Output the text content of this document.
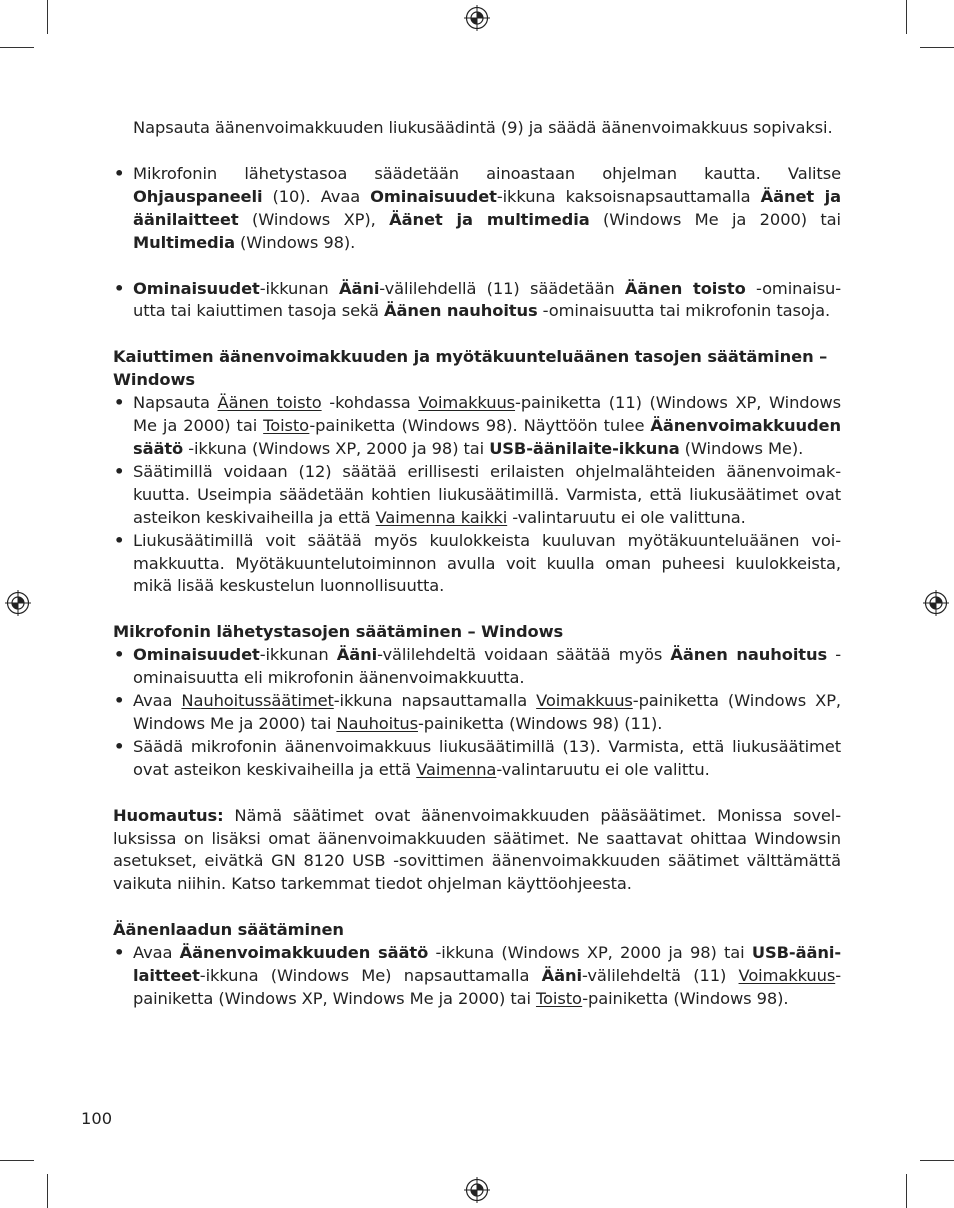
Napsauta äänenvoimakkuuden liukusäädintä (9) ja säädä äänenvoimakkuus sopivaksi.

• Mikrofonin lähetystasoa säädetään ainoastaan ohjelman kautta. Valitse Ohjauspaneeli (10). Avaa Ominaisuudet-ikkuna kaksoisnapsauttamalla Äänet ja äänilaitteet (Windows XP), Äänet ja multimedia (Windows Me ja 2000) tai Multimedia (Windows 98).
• Ominaisuudet-ikkunan Ääni-välilehdellä (11) säädetään Äänen toisto -ominaisu-utta tai kaiuttimen tasoja sekä Äänen nauhoitus -ominaisuutta tai mikrofonin tasoja.

Kaiuttimen äänenvoimakkuuden ja myötäkuunteluäänen tasojen säätäminen – Windows

• Napsauta Äänen toisto -kohdassa Voimakkuus-painiketta (11) (Windows XP, Windows Me ja 2000) tai Toisto-painiketta (Windows 98). Näyttöön tulee Äänenvoimakkuuden säätö -ikkuna (Windows XP, 2000 ja 98) tai USB-äänilaite-ikkuna (Windows Me).
• Säätimillä voidaan (12) säätää erillisesti erilaisten ohjelmalähteiden äänenvoimak-kuutta. Useimpia säädetään kohtien liukusäätimillä. Varmista, että liukusäätimet ovat asteikon keskivaiheilla ja että Vaimenna kaikki -valintaruutu ei ole valittuna.
• Liukusäätimillä voit säätää myös kuulokkeista kuuluvan myötäkuunteluäänen voi-makkuutta. Myötäkuuntelutoiminnon avulla voit kuulla oman puheesi kuulokkeista, mikä lisää keskustelun luonnollisuutta.

Mikrofonin lähetystasojen säätäminen – Windows

• Ominaisuudet-ikkunan Ääni-välilehdeltä voidaan säätää myös Äänen nauhoitus -ominaisuutta eli mikrofonin äänenvoimakkuutta.
• Avaa Nauhoitussäätimet-ikkuna napsauttamalla Voimakkuus-painiketta (Windows XP, Windows Me ja 2000) tai Nauhoitus-painiketta (Windows 98) (11).
• Säädä mikrofonin äänenvoimakkuus liukusäätimillä (13). Varmista, että liukusäätimet ovat asteikon keskivaiheilla ja että Vaimenna-valintaruutu ei ole valittu.

Huomautus: Nämä säätimet ovat äänenvoimakkuuden pääsäätimet. Monissa sovel-luksissa on lisäksi omat äänenvoimakkuuden säätimet. Ne saattavat ohittaa Windowsin asetukset, eivätkä GN 8120 USB -sovittimen äänenvoimakkuuden säätimet välttämättä vaikuta niihin. Katso tarkemmat tiedot ohjelman käyttöohjeesta.

Äänenlaadun säätäminen

• Avaa Äänenvoimakkuuden säätö -ikkuna (Windows XP, 2000 ja 98) tai USB-ääni-laitteet-ikkuna (Windows Me) napsauttamalla Ääni-välilehdeltä (11) Voimakkuus-painiketta (Windows XP, Windows Me ja 2000) tai Toisto-painiketta (Windows 98).
100
